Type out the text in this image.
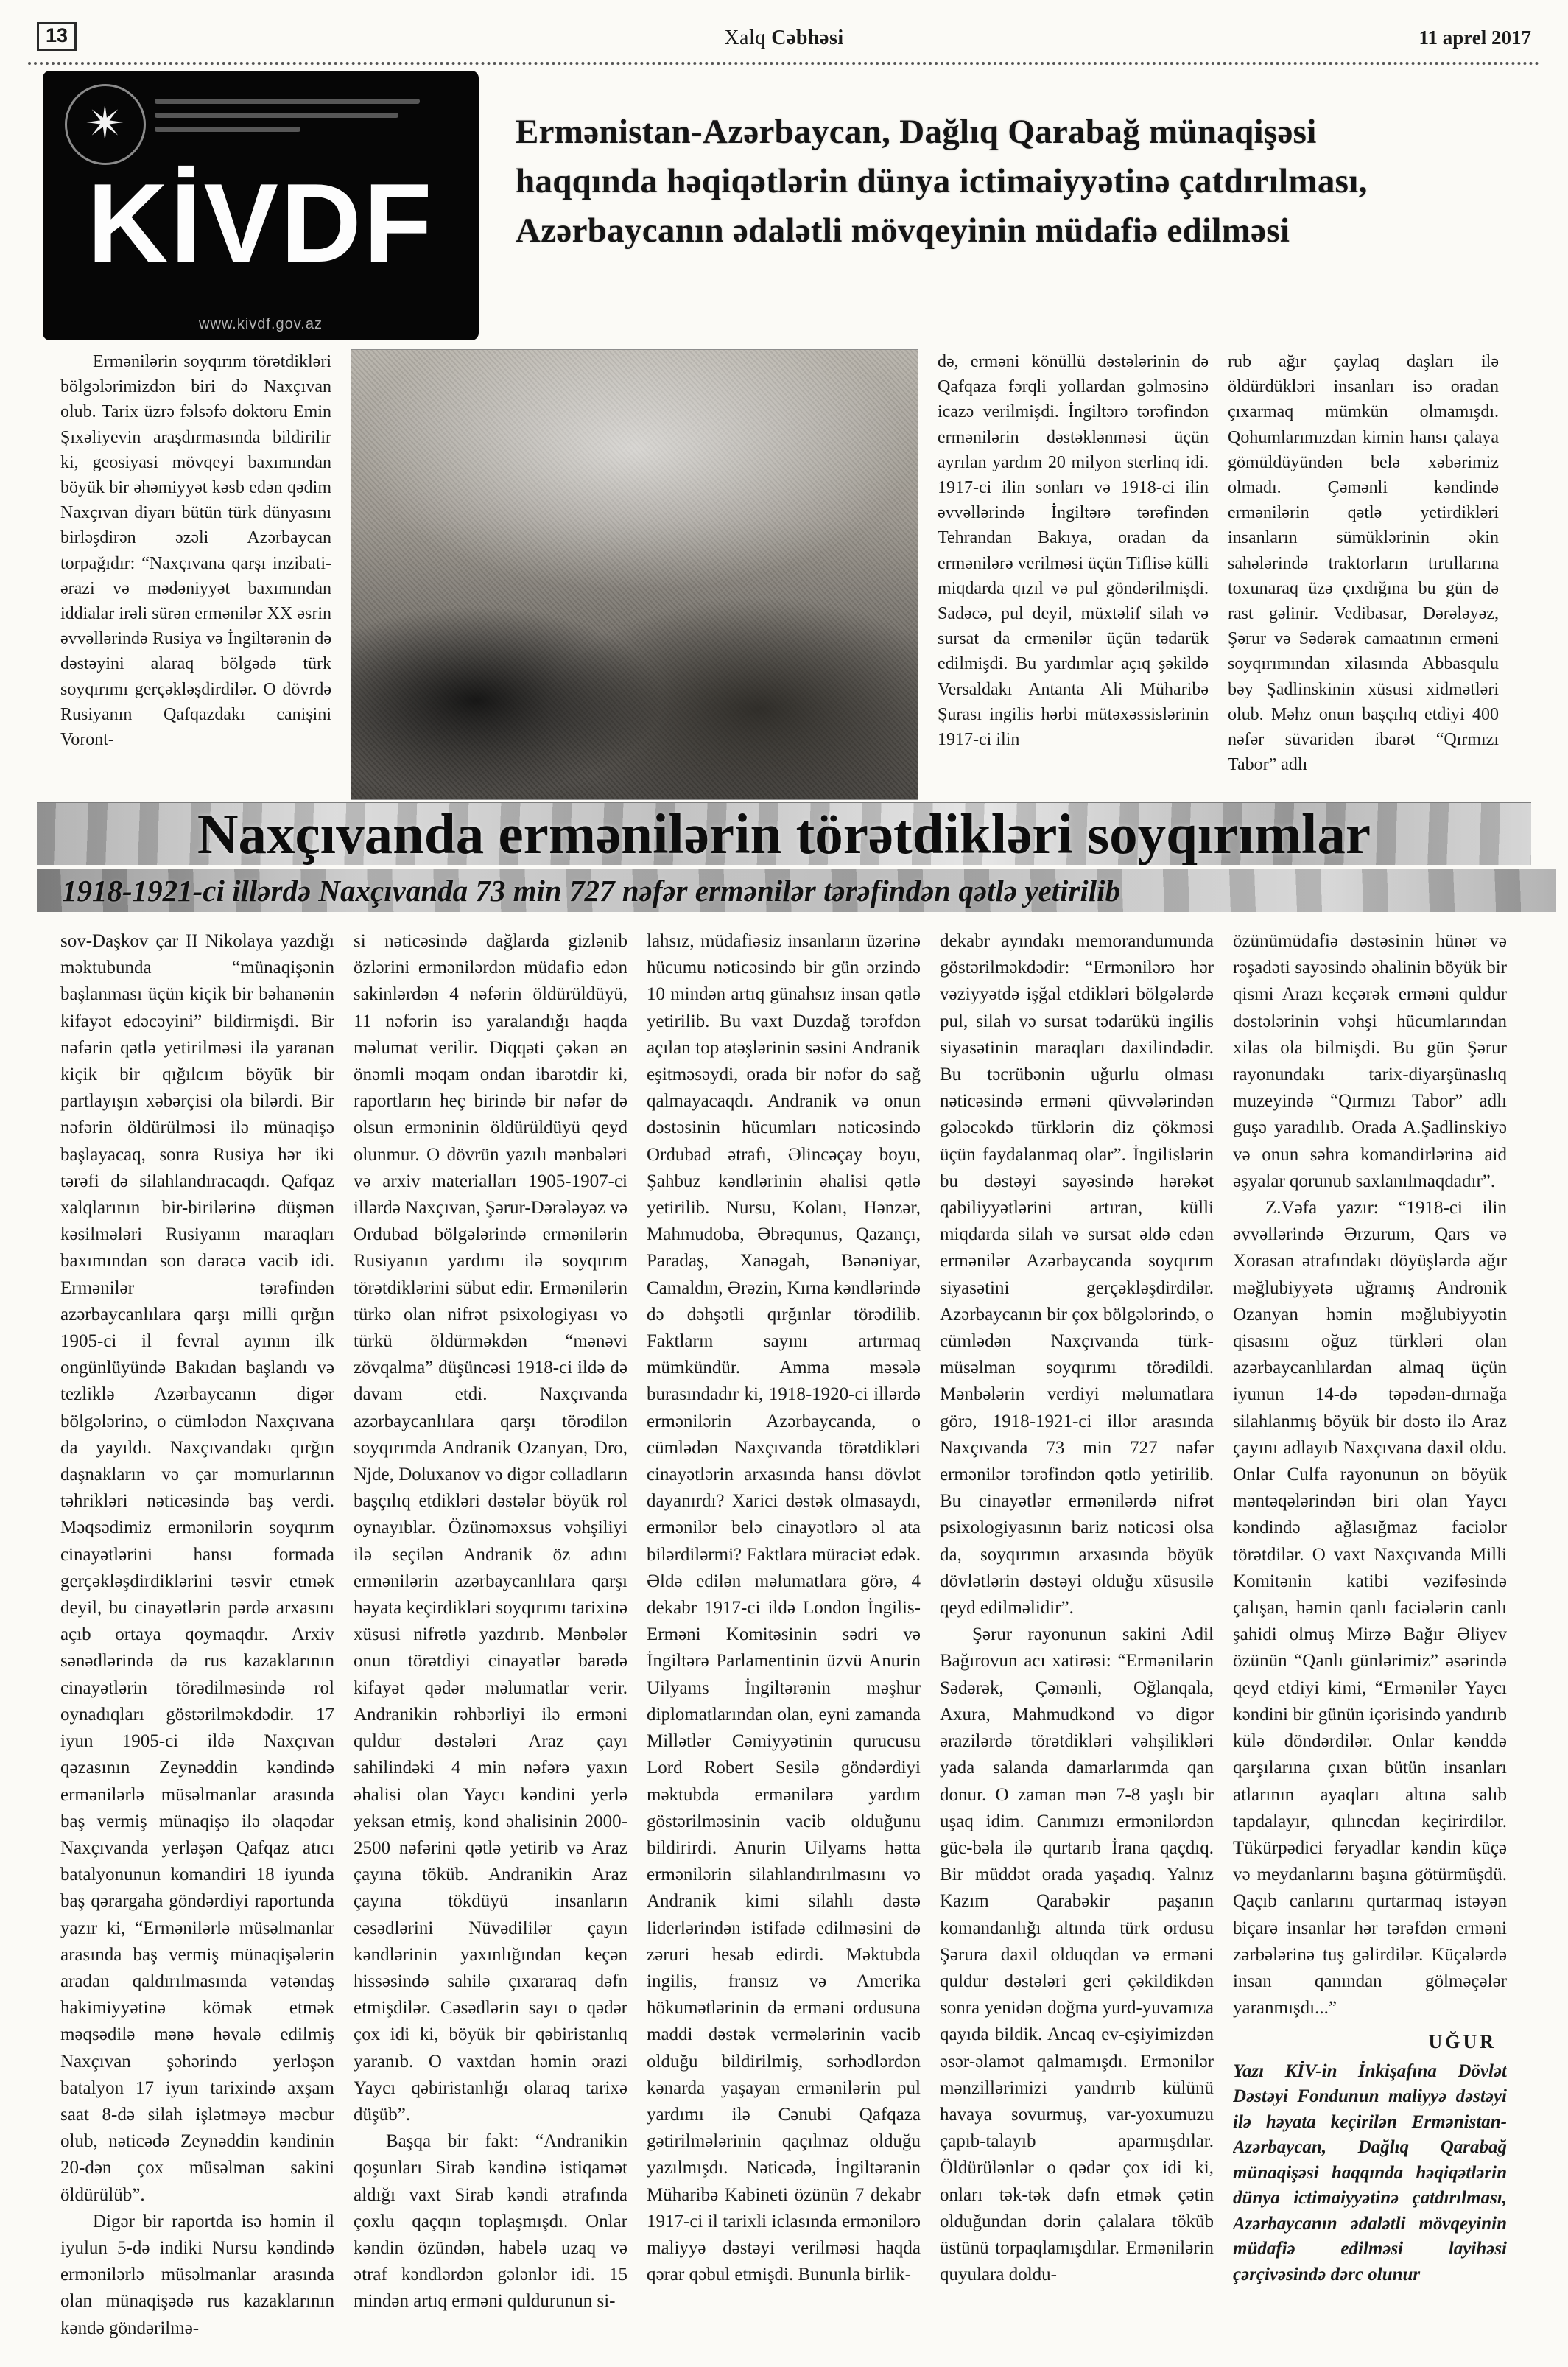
13	Xalq Cəbhəsi	11 aprel 2017
✴
KİVDF
www.kivdf.gov.az
Ermənistan-Azərbaycan, Dağlıq Qarabağ münaqişəsi
haqqında həqiqətlərin dünya ictimaiyyətinə çatdırılması,
Azərbaycanın ədalətli mövqeyinin müdafiə edilməsi

Ermənilərin soyqırım törətdikləri bölgələrimizdən biri də Naxçıvan olub. Tarix üzrə fəlsəfə doktoru Emin Şıxəliyevin araşdırmasında bildirilir ki, geosiyasi mövqeyi baxımından böyük bir əhəmiyyət kəsb edən qədim Naxçıvan diyarı bütün türk dünyasını birləşdirən əzəli Azərbaycan torpağıdır: “Naxçıvana qarşı inzibati-ərazi və mədəniyyət baxımından iddialar irəli sürən ermənilər XX əsrin əvvəllərində Rusiya və İngiltərənin də dəstəyini alaraq bölgədə türk soyqırımı gerçəkləşdirdilər. O dövrdə Rusiyanın Qafqazdakı canişini Voront-

də, erməni könüllü dəstələrinin də Qafqaza fərqli yollardan gəlməsinə icazə verilmişdi. İngiltərə tərəfindən ermənilərin dəstəklənməsi üçün ayrılan yardım 20 milyon sterlinq idi. 1917-ci ilin sonları və 1918-ci ilin əvvəllərində İngiltərə tərəfindən Tehrandan Bakıya, oradan da ermənilərə verilməsi üçün Tiflisə külli miqdarda qızıl və pul göndərilmişdi. Sadəcə, pul deyil, müxtəlif silah və sursat da ermənilər üçün tədarük edilmişdi. Bu yardımlar açıq şəkildə Versaldakı Antanta Ali Müharibə Şurası ingilis hərbi mütəxəssislərinin 1917-ci ilin

rub ağır çaylaq daşları ilə öldürdükləri insanları isə oradan çıxarmaq mümkün olmamışdı. Qohumlarımızdan kimin hansı çalaya gömüldüyündən belə xəbərimiz olmadı. Çəmənli kəndində ermənilərin qətlə yetirdikləri insanların sümüklərinin əkin sahələrində traktorların tırtıllarına toxunaraq üzə çıxdığına bu gün də rast gəlinir. Vedibasar, Dərələyəz, Şərur və Sədərək camaatının erməni soyqırımından xilasında Abbasqulu bəy Şadlinskinin xüsusi xidmətləri olub. Məhz onun başçılıq etdiyi 400 nəfər süvaridən ibarət “Qırmızı Tabor” adlı

Naxçıvanda ermənilərin törətdikləri soyqırımlar
1918-1921-ci illərdə Naxçıvanda 73 min 727 nəfər ermənilər tərəfindən qətlə yetirilib

sov-Daşkov çar II Nikolaya yazdığı məktubunda “münaqişənin başlanması üçün kiçik bir bəhanənin kifayət edəcəyini” bildirmişdi. Bir nəfərin qətlə yetirilməsi ilə yaranan kiçik bir qığılcım böyük bir partlayışın xəbərçisi ola bilərdi. Bir nəfərin öldürülməsi ilə münaqişə başlayacaq, sonra Rusiya hər iki tərəfi də silahlandıracaqdı. Qafqaz xalqlarının bir-birilərinə düşmən kəsilmələri Rusiyanın maraqları baxımından son dərəcə vacib idi. Ermənilər tərəfindən azərbaycanlılara qarşı milli qırğın 1905-ci il fevral ayının ilk ongünlüyündə Bakıdan başlandı və tezliklə Azərbaycanın digər bölgələrinə, o cümlədən Naxçıvana da yayıldı. Naxçıvandakı qırğın daşnakların və çar məmurlarının təhrikləri nəticəsində baş verdi. Məqsədimiz ermənilərin soyqırım cinayətlərini hansı formada gerçəkləşdirdiklərini təsvir etmək deyil, bu cinayətlərin pərdə arxasını açıb ortaya qoymaqdır. Arxiv sənədlərində də rus kazaklarının cinayətlərin törədilməsində rol oynadıqları göstərilməkdədir. 17 iyun 1905-ci ildə Naxçıvan qəzasının Zeynəddin kəndində ermənilərlə müsəlmanlar arasında baş vermiş münaqişə ilə əlaqədar Naxçıvanda yerləşən Qafqaz atıcı batalyonunun komandiri 18 iyunda baş qərargaha göndərdiyi raportunda yazır ki, “Ermənilərlə müsəlmanlar arasında baş vermiş münaqişələrin aradan qaldırılmasında vətəndaş hakimiyyətinə kömək etmək məqsədilə mənə həvalə edilmiş Naxçıvan şəhərində yerləşən batalyon 17 iyun tarixində axşam saat 8-də silah işlətməyə məcbur olub, nəticədə Zeynəddin kəndinin 20-dən çox müsəlman sakini öldürülüb”.

Digər bir raportda isə həmin il iyulun 5-də indiki Nursu kəndində ermənilərlə müsəlmanlar arasında olan münaqişədə rus kazaklarının kəndə göndərilmə-

si nəticəsində dağlarda gizlənib özlərini ermənilərdən müdafiə edən sakinlərdən 4 nəfərin öldürüldüyü, 11 nəfərin isə yaralandığı haqda məlumat verilir. Diqqəti çəkən ən önəmli məqam ondan ibarətdir ki, raportların heç birində bir nəfər də olsun erməninin öldürüldüyü qeyd olunmur. O dövrün yazılı mənbələri və arxiv materialları 1905-1907-ci illərdə Naxçıvan, Şərur-Dərələyəz və Ordubad bölgələrində ermənilərin Rusiyanın yardımı ilə soyqırım törətdiklərini sübut edir. Ermənilərin türkə olan nifrət psixologiyası və türkü öldürməkdən “mənəvi zövqalma” düşüncəsi 1918-ci ildə də davam etdi. Naxçıvanda azərbaycanlılara qarşı törədilən soyqırımda Andranik Ozanyan, Dro, Njde, Doluxanov və digər cəlladların başçılıq etdikləri dəstələr böyük rol oynayıblar. Özünəməxsus vəhşiliyi ilə seçilən Andranik öz adını ermənilərin azərbaycanlılara qarşı həyata keçirdikləri soyqırımı tarixinə xüsusi nifrətlə yazdırıb. Mənbələr onun törətdiyi cinayətlər barədə kifayət qədər məlumatlar verir. Andranikin rəhbərliyi ilə erməni quldur dəstələri Araz çayı sahilindəki 4 min nəfərə yaxın əhalisi olan Yaycı kəndini yerlə yeksan etmiş, kənd əhalisinin 2000-2500 nəfərini qətlə yetirib və Araz çayına töküb. Andranikin Araz çayına tökdüyü insanların cəsədlərini Nüvədililər çayın kəndlərinin yaxınlığından keçən hissəsində sahilə çıxararaq dəfn etmişdilər. Cəsədlərin sayı o qədər çox idi ki, böyük bir qəbiristanlıq yaranıb. O vaxtdan həmin ərazi Yaycı qəbiristanlığı olaraq tarixə düşüb”.

Başqa bir fakt: “Andranikin qoşunları Sirab kəndinə istiqamət aldığı vaxt Sirab kəndi ətrafında çoxlu qaçqın toplaşmışdı. Onlar kəndin özündən, habelə uzaq və ətraf kəndlərdən gələnlər idi. 15 mindən artıq erməni quldurunun si-

lahsız, müdafiəsiz insanların üzərinə hücumu nəticəsində bir gün ərzində 10 mindən artıq günahsız insan qətlə yetirilib. Bu vaxt Duzdağ tərəfdən açılan top atəşlərinin səsini Andranik eşitməsəydi, orada bir nəfər də sağ qalmayacaqdı. Andranik və onun dəstəsinin hücumları nəticəsində Ordubad ətrafı, Əlincəçay boyu, Şahbuz kəndlərinin əhalisi qətlə yetirilib. Nursu, Kolanı, Hənzər, Mahmudoba, Əbrəqunus, Qazançı, Paradaş, Xanəgah, Bənəniyar, Camaldın, Ərəzin, Kırna kəndlərində də dəhşətli qırğınlar törədilib. Faktların sayını artırmaq mümkündür. Amma məsələ burasındadır ki, 1918-1920-ci illərdə ermənilərin Azərbaycanda, o cümlədən Naxçıvanda törətdikləri cinayətlərin arxasında hansı dövlət dayanırdı? Xarici dəstək olmasaydı, ermənilər belə cinayətlərə əl ata bilərdilərmi? Faktlara müraciət edək. Əldə edilən məlumatlara görə, 4 dekabr 1917-ci ildə London İngilis-Erməni Komitəsinin sədri və İngiltərə Parlamentinin üzvü Anurin Uilyams İngiltərənin məşhur diplomatlarından olan, eyni zamanda Millətlər Cəmiyyətinin qurucusu Lord Robert Sesilə göndərdiyi məktubda ermənilərə yardım göstərilməsinin vacib olduğunu bildirirdi. Anurin Uilyams hətta ermənilərin silahlandırılmasını və Andranik kimi silahlı dəstə liderlərindən istifadə edilməsini də zəruri hesab edirdi. Məktubda ingilis, fransız və Amerika hökumətlərinin də erməni ordusuna maddi dəstək vermələrinin vacib olduğu bildirilmiş, sərhədlərdən kənarda yaşayan ermənilərin pul yardımı ilə Cənubi Qafqaza gətirilmələrinin qaçılmaz olduğu yazılmışdı. Nəticədə, İngiltərənin Müharibə Kabineti özünün 7 dekabr 1917-ci il tarixli iclasında ermənilərə maliyyə dəstəyi verilməsi haqda qərar qəbul etmişdi. Bununla birlik-

dekabr ayındakı memorandumunda göstərilməkdədir: “Ermənilərə hər vəziyyətdə işğal etdikləri bölgələrdə pul, silah və sursat tədarükü ingilis siyasətinin maraqları daxilindədir. Bu təcrübənin uğurlu olması nəticəsində erməni qüvvələrindən gələcəkdə türklərin diz çökməsi üçün faydalanmaq olar”. İngilislərin bu dəstəyi sayəsində hərəkət qabiliyyətlərini artıran, külli miqdarda silah və sursat əldə edən ermənilər Azərbaycanda soyqırım siyasətini gerçəkləşdirdilər. Azərbaycanın bir çox bölgələrində, o cümlədən Naxçıvanda türk-müsəlman soyqırımı törədildi. Mənbələrin verdiyi məlumatlara görə, 1918-1921-ci illər arasında Naxçıvanda 73 min 727 nəfər ermənilər tərəfindən qətlə yetirilib. Bu cinayətlər ermənilərdə nifrət psixologiyasının bariz nəticəsi olsa da, soyqırımın arxasında böyük dövlətlərin dəstəyi olduğu xüsusilə qeyd edilməlidir”.

Şərur rayonunun sakini Adil Bağırovun acı xatirəsi: “Ermənilərin Sədərək, Çəmənli, Oğlanqala, Axura, Mahmudkənd və digər ərazilərdə törətdikləri vəhşilikləri yada salanda damarlarımda qan donur. O zaman mən 7-8 yaşlı bir uşaq idim. Canımızı ermənilərdən güc-bəla ilə qurtarıb İrana qaçdıq. Bir müddət orada yaşadıq. Yalnız Kazım Qarabəkir paşanın komandanlığı altında türk ordusu Şərura daxil olduqdan və erməni quldur dəstələri geri çəkildikdən sonra yenidən doğma yurd-yuvamıza qayıda bildik. Ancaq ev-eşiyimizdən əsər-əlamət qalmamışdı. Ermənilər mənzillərimizi yandırıb külünü havaya sovurmuş, var-yoxumuzu çapıb-talayıb aparmışdılar. Öldürülənlər o qədər çox idi ki, onları tək-tək dəfn etmək çətin olduğundan dərin çalalara töküb üstünü torpaqlamışdılar. Ermənilərin quyulara doldu-

özünümüdafiə dəstəsinin hünər və rəşadəti sayəsində əhalinin böyük bir qismi Arazı keçərək erməni quldur dəstələrinin vəhşi hücumlarından xilas ola bilmişdi. Bu gün Şərur rayonundakı tarix-diyarşünaslıq muzeyində “Qırmızı Tabor” adlı guşə yaradılıb. Orada A.Şadlinskiyə və onun səhra komandirlərinə aid əşyalar qorunub saxlanılmaqdadır”.

Z.Vəfa yazır: “1918-ci ilin əvvəllərində Ərzurum, Qars və Xorasan ətrafındakı döyüşlərdə ağır məğlubiyyətə uğramış Andronik Ozanyan həmin məğlubiyyətin qisasını oğuz türkləri olan azərbaycanlılardan almaq üçün iyunun 14-də təpədən-dırnağa silahlanmış böyük bir dəstə ilə Araz çayını adlayıb Naxçıvana daxil oldu. Onlar Culfa rayonunun ən böyük məntəqələrindən biri olan Yaycı kəndində ağlasığmaz faciələr törətdilər. O vaxt Naxçıvanda Milli Komitənin katibi vəzifəsində çalışan, həmin qanlı faciələrin canlı şahidi olmuş Mirzə Bağır Əliyev özünün “Qanlı günlərimiz” əsərində qeyd etdiyi kimi, “Ermənilər Yaycı kəndini bir günün içərisində yandırıb külə döndərdilər. Onlar kənddə qarşılarına çıxan bütün insanları atlarının ayaqları altına salıb tapdalayır, qılıncdan keçirirdilər. Tükürpədici fəryadlar kəndin küçə və meydanlarını başına götürmüşdü. Qaçıb canlarını qurtarmaq istəyən biçarə insanlar hər tərəfdən erməni zərbələrinə tuş gəlirdilər. Küçələrdə insan qanından gölməçələr yaranmışdı...”

UĞUR

Yazı KİV-in İnkişafına Dövlət Dəstəyi Fondunun maliyyə dəstəyi ilə həyata keçirilən Ermənistan-Azərbaycan, Dağlıq Qarabağ münaqişəsi haqqında həqiqətlərin dünya ictimaiyyətinə çatdırılması, Azərbaycanın ədalətli mövqeyinin müdafiə edilməsi layihəsi çərçivəsində dərc olunur
